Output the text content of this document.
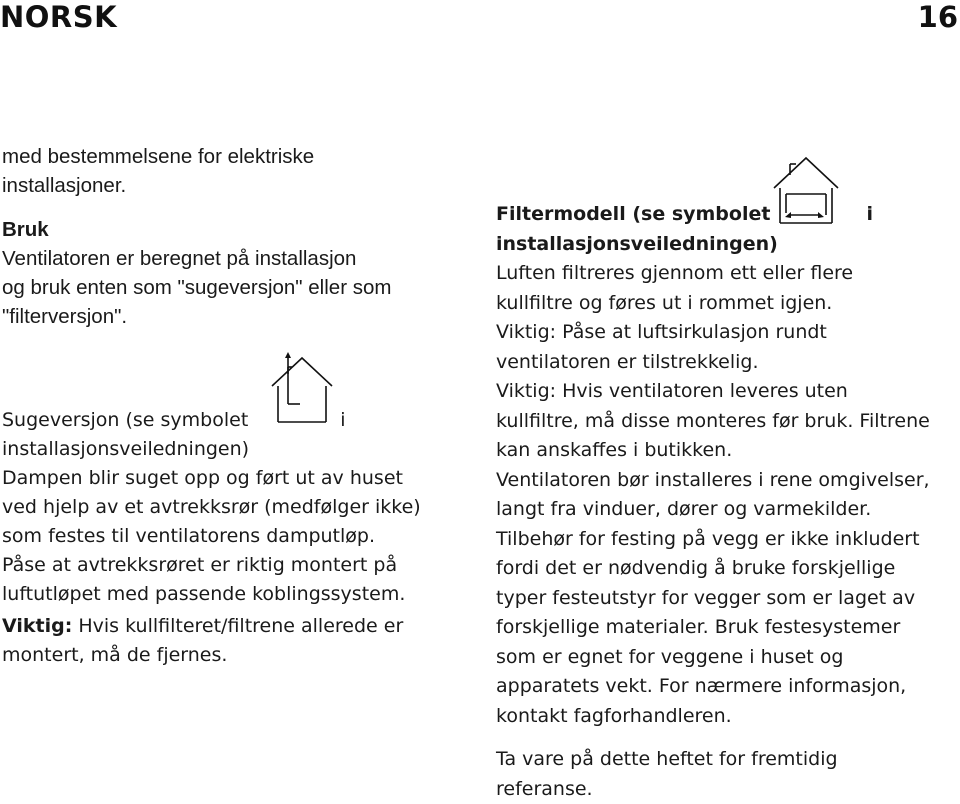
NORSK	16

med bestemmelsene for elektriske

installasjoner.

Bruk

Ventilatoren er beregnet på installasjon

og bruk enten som "sugeversjon" eller som

"filterversjon".

Sugeversjon (se symbolet	i

installasjonsveiledningen)

Dampen blir suget opp og ført ut av huset

ved hjelp av et avtrekksrør (medfølger ikke)

som festes til ventilatorens damputløp.

Påse at avtrekksrøret er riktig montert på

luftutløpet med passende koblingssystem.

Viktig: Hvis kullfilteret/filtrene allerede er

montert, må de fjernes.

Filtermodell (se symbolet	i

installasjonsveiledningen)

Luften filtreres gjennom ett eller flere

kullfiltre og føres ut i rommet igjen.

Viktig: Påse at luftsirkulasjon rundt

ventilatoren er tilstrekkelig.

Viktig: Hvis ventilatoren leveres uten

kullfiltre, må disse monteres før bruk. Filtrene

kan anskaffes i butikken.

Ventilatoren bør installeres i rene omgivelser,

langt fra vinduer, dører og varmekilder.

Tilbehør for festing på vegg er ikke inkludert

fordi det er nødvendig å bruke forskjellige

typer festeutstyr for vegger som er laget av

forskjellige materialer. Bruk festesystemer

som er egnet for veggene i huset og

apparatets vekt. For nærmere informasjon,

kontakt fagforhandleren.

Ta vare på dette heftet for fremtidig

referanse.
